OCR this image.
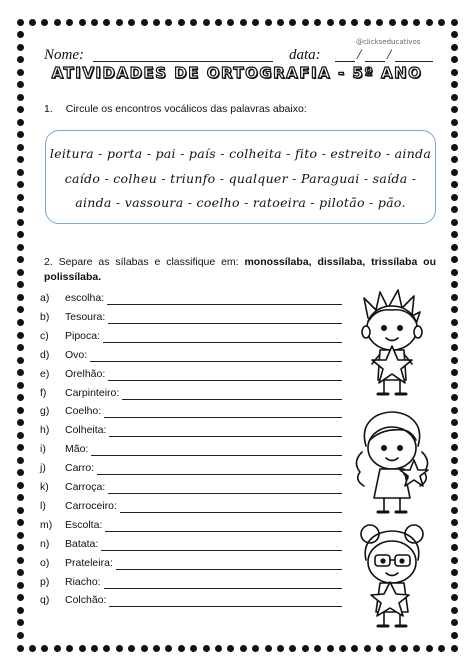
Nome:	data: / /
@clickseducativos
ATIVIDADES DE ORTOGRAFIA - 5º ANO
1. Circule os encontros vocálicos das palavras abaixo:
leitura - porta - pai - país - colheita - fito - estreito - ainda
caído - colheu - triunfo - qualquer - Paraguai - saída -
ainda - vassoura - coelho - ratoeira - pilotão - pão.
2. Separe as sílabas e classifique em: monossílaba, dissílaba, trissílaba ou polissílaba.
a)	escolha:
b)	Tesoura:
c)	Pipoca:
d)	Ovo:
e)	Orelhão:
f)	Carpinteiro:
g)	Coelho:
h)	Colheita:
i)	Mão:
j)	Carro:
k)	Carroça:
l)	Carroceiro:
m)	Escolta:
n)	Batata:
o)	Prateleira:
p)	Riacho:
q)	Colchão:
